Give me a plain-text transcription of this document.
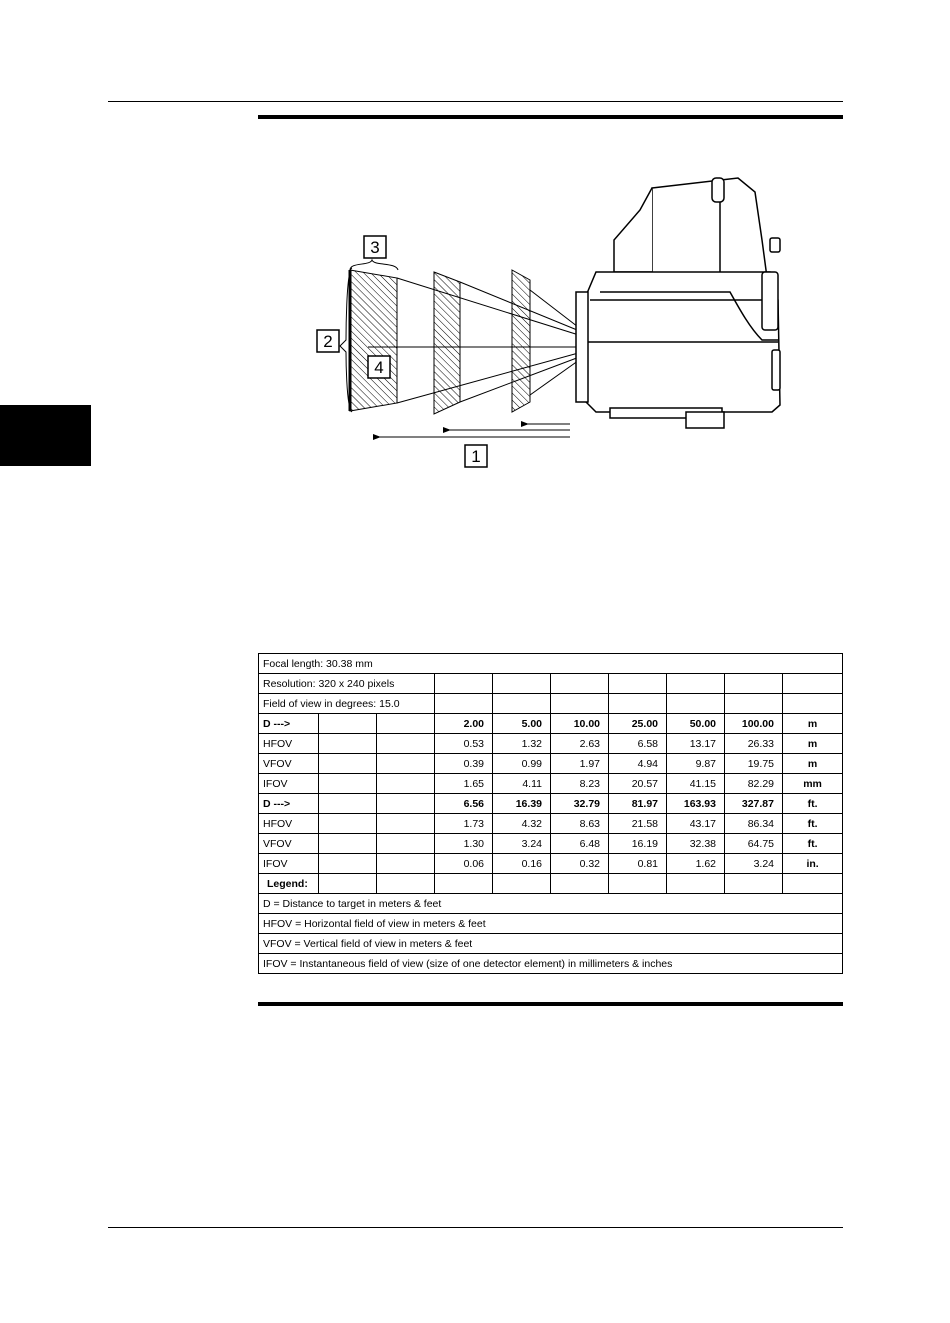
1
2
3
4
Focal length: 30.38 mm									
Resolution: 320 x 240 pixels									
Field of view in degrees: 15.0									
D --->			2.00	5.00	10.00	25.00	50.00	100.00	m
HFOV			0.53	1.32	2.63	6.58	13.17	26.33	m
VFOV			0.39	0.99	1.97	4.94	9.87	19.75	m
IFOV			1.65	4.11	8.23	20.57	41.15	82.29	mm
D --->			6.56	16.39	32.79	81.97	163.93	327.87	ft.
HFOV			1.73	4.32	8.63	21.58	43.17	86.34	ft.
VFOV			1.30	3.24	6.48	16.19	32.38	64.75	ft.
IFOV			0.06	0.16	0.32	0.81	1.62	3.24	in.
Legend:									
D = Distance to target in meters & feet									
HFOV = Horizontal field of view in meters & feet									
VFOV = Vertical field of view in meters & feet									
IFOV = Instantaneous field of view (size of one detector element) in millimeters & inches									
